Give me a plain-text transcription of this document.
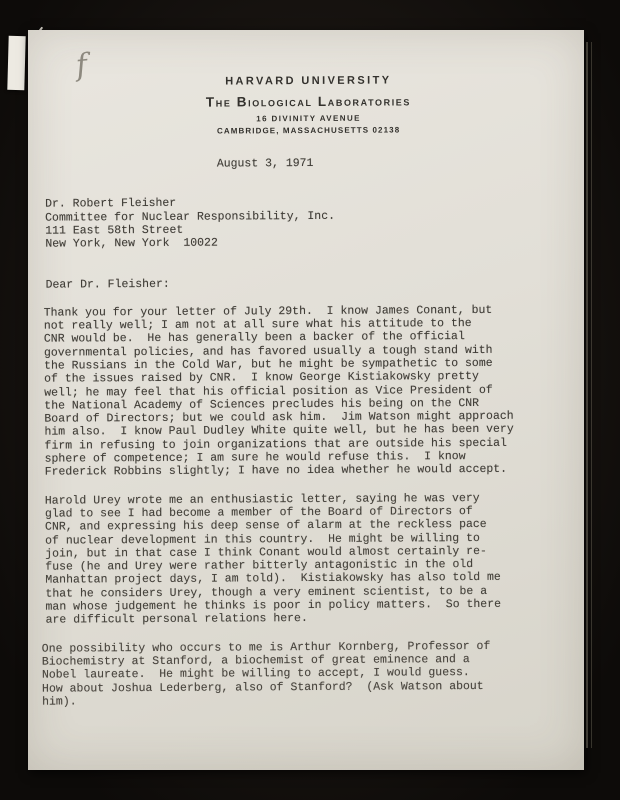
f	HARVARD UNIVERSITY
The Biological Laboratories
16 DIVINITY AVENUE
CAMBRIDGE, MASSACHUSETTS 02138
August 3, 1971
Dr. Robert Fleisher
Committee for Nuclear Responsibility, Inc.
111 East 58th Street
New York, New York  10022
Dear Dr. Fleisher:
Thank you for your letter of July 29th.  I know James Conant, but
not really well; I am not at all sure what his attitude to the
CNR would be.  He has generally been a backer of the official
governmental policies, and has favored usually a tough stand with
the Russians in the Cold War, but he might be sympathetic to some
of the issues raised by CNR.  I know George Kistiakowsky pretty
well; he may feel that his official position as Vice President of
the National Academy of Sciences precludes his being on the CNR
Board of Directors; but we could ask him.  Jim Watson might approach
him also.  I know Paul Dudley White quite well, but he has been very
firm in refusing to join organizations that are outside his special
sphere of competence; I am sure he would refuse this.  I know
Frederick Robbins slightly; I have no idea whether he would accept.
Harold Urey wrote me an enthusiastic letter, saying he was very
glad to see I had become a member of the Board of Directors of
CNR, and expressing his deep sense of alarm at the reckless pace
of nuclear development in this country.  He might be willing to
join, but in that case I think Conant would almost certainly re-
fuse (he and Urey were rather bitterly antagonistic in the old
Manhattan project days, I am told).  Kistiakowsky has also told me
that he considers Urey, though a very eminent scientist, to be a
man whose judgement he thinks is poor in policy matters.  So there
are difficult personal relations here.
One possibility who occurs to me is Arthur Kornberg, Professor of
Biochemistry at Stanford, a biochemist of great eminence and a
Nobel laureate.  He might be willing to accept, I would guess.
How about Joshua Lederberg, also of Stanford?  (Ask Watson about
him).
